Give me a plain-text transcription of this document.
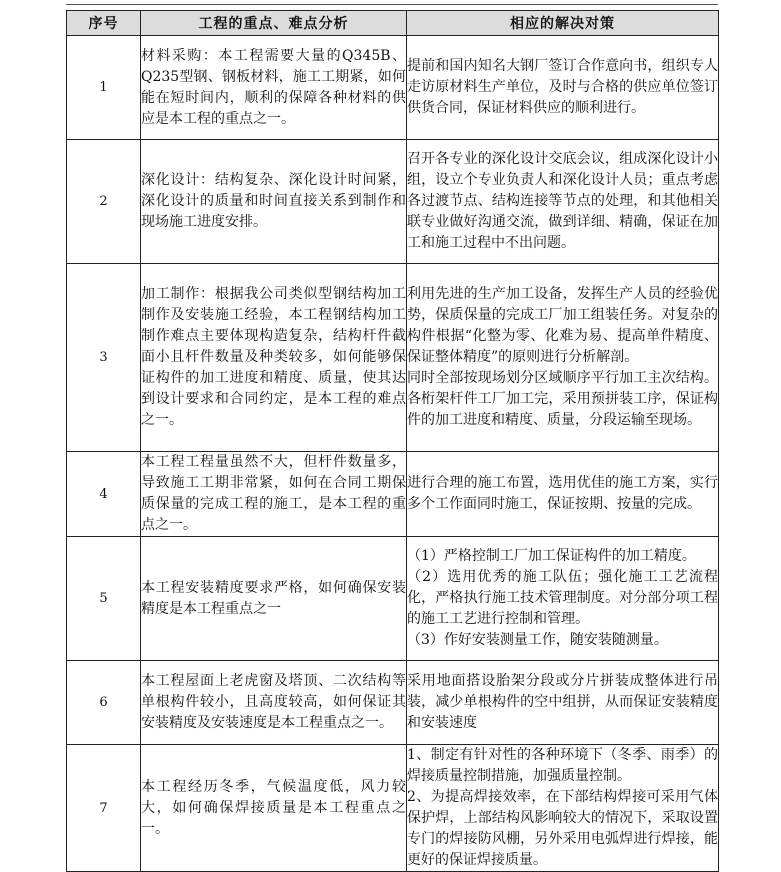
序号	工程的重点、难点分析	相应的解决对策
1	材料采购：本工程需要大量的Q345B、Q235型钢、钢板材料，施工工期紧，如何能在短时间内，顺利的保障各种材料的供应是本工程的重点之一。	提前和国内知名大钢厂签订合作意向书，组织专人走访原材料生产单位，及时与合格的供应单位签订供货合同，保证材料供应的顺利进行。

2	深化设计：结构复杂、深化设计时间紧，深化设计的质量和时间直接关系到制作和现场施工进度安排。	召开各专业的深化设计交底会议，组成深化设计小组，设立个专业负责人和深化设计人员；重点考虑各过渡节点、结构连接等节点的处理，和其他相关联专业做好沟通交流，做到详细、精确，保证在加工和施工过程中不出问题。

3	加工制作：根据我公司类似型钢结构加工制作及安装施工经验，本工程钢结构加工制作难点主要体现构造复杂，结构杆件截面小且杆件数量及种类较多，如何能够保证构件的加工进度和精度、质量，使其达到设计要求和合同约定，是本工程的难点之一。	利用先进的生产加工设备，发挥生产人员的经验优势，保质保量的完成工厂加工组装任务。对复杂的构件根据“化整为零、化难为易、提高单件精度、保证整体精度”的原则进行分析解剖。
同时全部按现场划分区域顺序平行加工主次结构。各桁架杆件工厂加工完，采用预拼装工序，保证构件的加工进度和精度、质量，分段运输至现场。

4	本工程工程量虽然不大，但杆件数量多，导致施工工期非常紧，如何在合同工期保质保量的完成工程的施工，是本工程的重点之一。	进行合理的施工布置，选用优佳的施工方案，实行多个工作面同时施工，保证按期、按量的完成。

5	本工程安装精度要求严格，如何确保安装精度是本工程重点之一	（1）严格控制工厂加工保证构件的加工精度。
（2）选用优秀的施工队伍；强化施工工艺流程化，严格执行施工技术管理制度。对分部分项工程的施工工艺进行控制和管理。
（3）作好安装测量工作，随安装随测量。

6	本工程屋面上老虎窗及塔顶、二次结构等单根构件较小，且高度较高，如何保证其安装精度及安装速度是本工程重点之一。	采用地面搭设胎架分段或分片拼装成整体进行吊装，减少单根构件的空中组拼，从而保证安装精度和安装速度

7	本工程经历冬季，气候温度低，风力较大，如何确保焊接质量是本工程重点之一。	1、制定有针对性的各种环境下（冬季、雨季）的焊接质量控制措施，加强质量控制。
2、为提高焊接效率，在下部结构焊接可采用气体保护焊，上部结构风影响较大的情况下，采取设置专门的焊接防风棚，另外采用电弧焊进行焊接，能更好的保证焊接质量。
